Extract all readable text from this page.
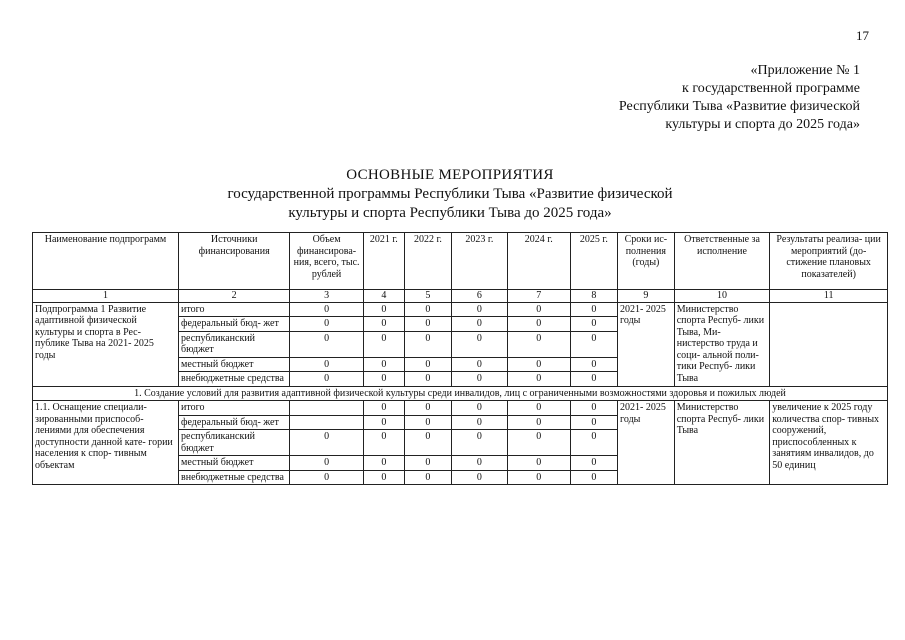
17
«Приложение № 1
к государственной программе
Республики Тыва «Развитие физической
культуры и спорта до 2025 года»
ОСНОВНЫЕ МЕРОПРИЯТИЯ
государственной программы Республики Тыва «Развитие физической
культуры и спорта Республики Тыва до 2025 года»
Наименование подпрограмм	Источники финансирования	Объем финансирова- ния, всего, тыс. рублей	2021 г.	2022 г.	2023 г.	2024 г.	2025 г.	Сроки ис- полнения (годы)	Ответственные за исполнение	Результаты реализа- ции мероприятий (до- стижение плановых показателей)
1	2	3	4	5	6	7	8	9	10	11
Подпрограмма 1 Развитие адаптивной физической культуры и спорта в Рес- публике Тыва на 2021- 2025 годы	итого	0	0	0	0	0	0	2021- 2025 годы	Министерство спорта Респуб- лики Тыва, Ми- нистерство труда и соци- альной поли- тики Респуб- лики Тыва	
	федеральный бюд- жет	0	0	0	0	0	0			
	республиканский бюджет	0	0	0	0	0	0			
	местный бюджет	0	0	0	0	0	0			
	внебюджетные средства	0	0	0	0	0	0			
1. Создание условий для развития адаптивной физической культуры среди инвалидов, лиц с ограниченными возможностями здоровья и пожилых людей										
1.1. Оснащение специали- зированными приспособ- лениями для обеспечения доступности данной кате- гории населения к спор- тивным объектам	итого		0	0	0	0	0	2021- 2025 годы	Министерство спорта Респуб- лики Тыва	увеличение к 2025 году количества спор- тивных сооружений, приспособленных к занятиям инвалидов, до 50 единиц
	федеральный бюд- жет		0	0	0	0	0			
	республиканский бюджет	0	0	0	0	0	0			
	местный бюджет	0	0	0	0	0	0			
	внебюджетные средства	0	0	0	0	0	0			
